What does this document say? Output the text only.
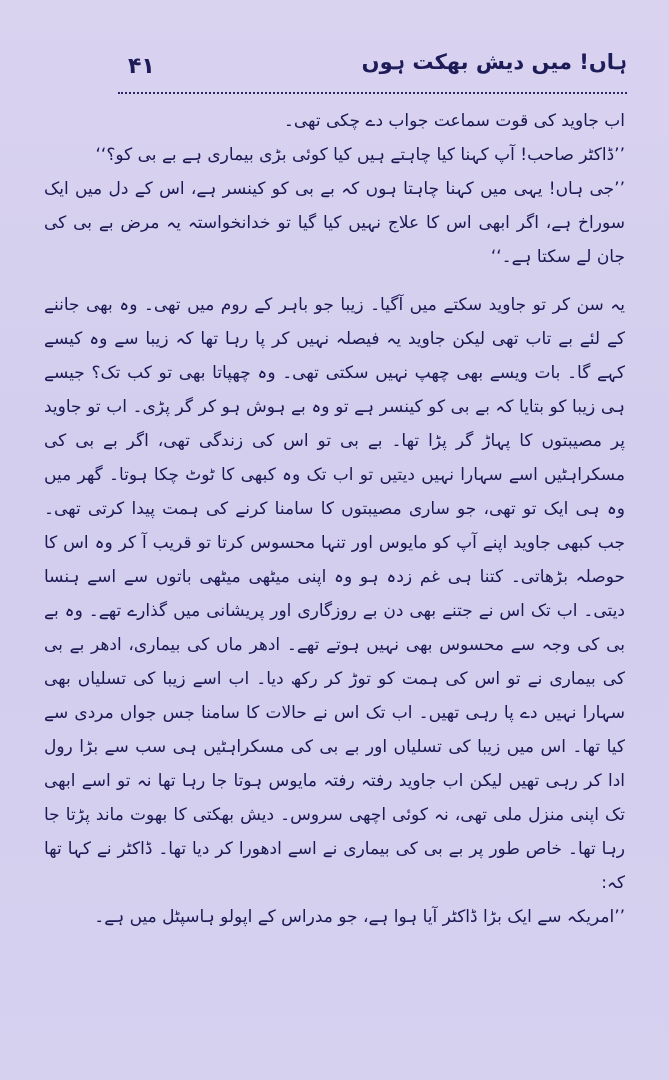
۴۱	ہاں! میں دیش بھکت ہوں

اب جاوید کی قوت سماعت جواب دے چکی تھی۔

’’ڈاکٹر صاحب! آپ کہنا کیا چاہتے ہیں کیا کوئی بڑی بیماری ہے بے بی کو؟‘‘

’’جی ہاں! یہی میں کہنا چاہتا ہوں کہ بے بی کو کینسر ہے، اس کے دل میں ایک سوراخ ہے، اگر ابھی اس کا علاج نہیں کیا گیا تو خدانخواستہ یہ مرض بے بی کی جان لے سکتا ہے۔‘‘

یہ سن کر تو جاوید سکتے میں آگیا۔ زیبا جو باہر کے روم میں تھی۔ وہ بھی جاننے کے لئے بے تاب تھی لیکن جاوید یہ فیصلہ نہیں کر پا رہا تھا کہ زیبا سے وہ کیسے کہے گا۔ بات ویسے بھی چھپ نہیں سکتی تھی۔ وہ چھپاتا بھی تو کب تک؟ جیسے ہی زیبا کو بتایا کہ بے بی کو کینسر ہے تو وہ بے ہوش ہو کر گر پڑی۔ اب تو جاوید پر مصیبتوں کا پہاڑ گر پڑا تھا۔ بے بی تو اس کی زندگی تھی، اگر بے بی کی مسکراہٹیں اسے سہارا نہیں دیتیں تو اب تک وہ کبھی کا ٹوٹ چکا ہوتا۔ گھر میں وہ ہی ایک تو تھی، جو ساری مصیبتوں کا سامنا کرنے کی ہمت پیدا کرتی تھی۔ جب کبھی جاوید اپنے آپ کو مایوس اور تنہا محسوس کرتا تو قریب آ کر وہ اس کا حوصلہ بڑھاتی۔ کتنا ہی غم زدہ ہو وہ اپنی میٹھی میٹھی باتوں سے اسے ہنسا دیتی۔ اب تک اس نے جتنے بھی دن بے روزگاری اور پریشانی میں گذارے تھے۔ وہ بے بی کی وجہ سے محسوس بھی نہیں ہوتے تھے۔ ادھر ماں کی بیماری، ادھر بے بی کی بیماری نے تو اس کی ہمت کو توڑ کر رکھ دیا۔ اب اسے زیبا کی تسلیاں بھی سہارا نہیں دے پا رہی تھیں۔ اب تک اس نے حالات کا سامنا جس جواں مردی سے کیا تھا۔ اس میں زیبا کی تسلیاں اور بے بی کی مسکراہٹیں ہی سب سے بڑا رول ادا کر رہی تھیں لیکن اب جاوید رفتہ رفتہ مایوس ہوتا جا رہا تھا نہ تو اسے ابھی تک اپنی منزل ملی تھی، نہ کوئی اچھی سروس۔ دیش بھکتی کا بھوت ماند پڑتا جا رہا تھا۔ خاص طور پر بے بی کی بیماری نے اسے ادھورا کر دیا تھا۔ ڈاکٹر نے کہا تھا کہ:

’’امریکہ سے ایک بڑا ڈاکٹر آیا ہوا ہے، جو مدراس کے اپولو ہاسپٹل میں ہے۔
